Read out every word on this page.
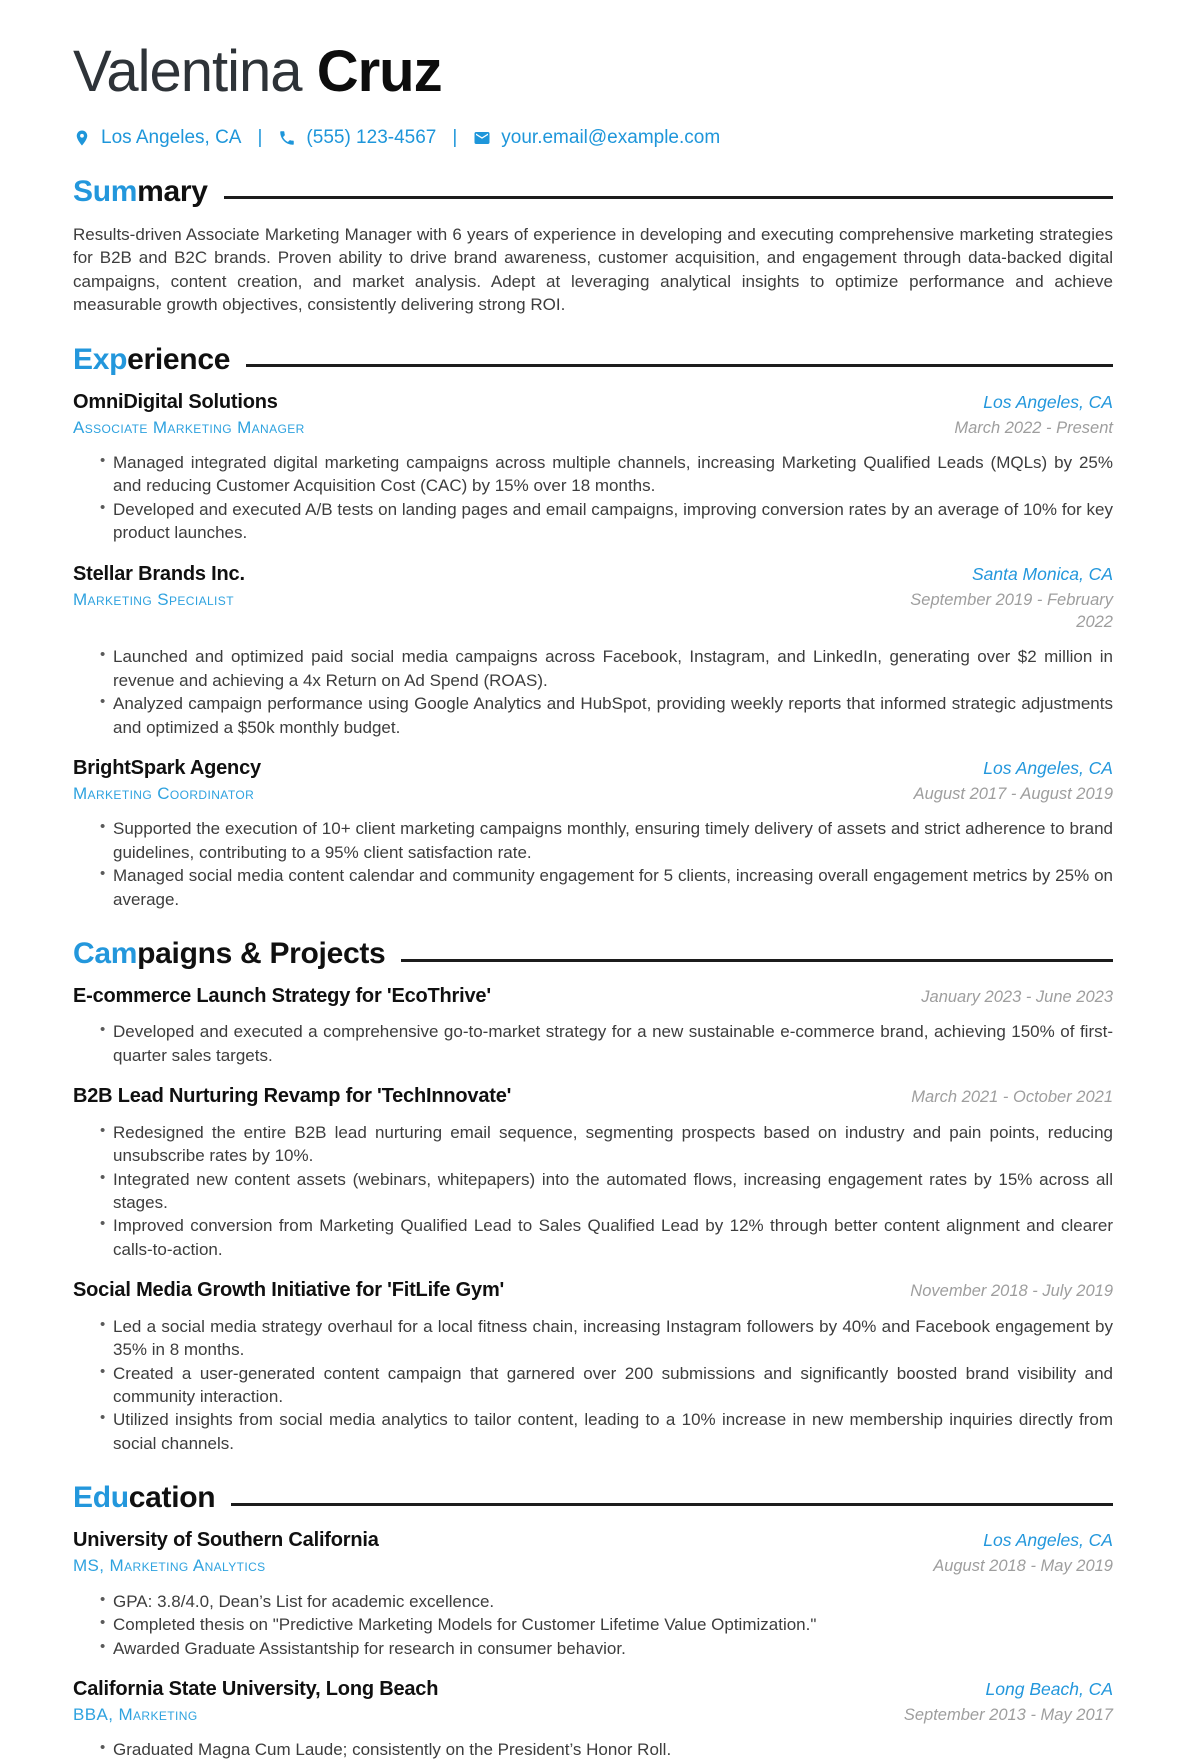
Valentina Cruz
Los Angeles, CA | (555) 123-4567 | your.email@example.com
Sum mary

Results-driven Associate Marketing Manager with 6 years of experience in developing and executing comprehensive marketing strategies for B2B and B2C brands. Proven ability to drive brand awareness, customer acquisition, and engagement through data-backed digital campaigns, content creation, and market analysis. Adept at leveraging analytical insights to optimize performance and achieve measurable growth objectives, consistently delivering strong ROI.

Exp erience
OmniDigital Solutions	Los Angeles, CA
Associate Marketing Manager	March 2022 - Present
• Managed integrated digital marketing campaigns across multiple channels, increasing Marketing Qualified Leads (MQLs) by 25% and reducing Customer Acquisition Cost (CAC) by 15% over 18 months.
• Developed and executed A/B tests on landing pages and email campaigns, improving conversion rates by an average of 10% for key product launches.
Stellar Brands Inc.	Santa Monica, CA
Marketing Specialist	September 2019 - February 2022
• Launched and optimized paid social media campaigns across Facebook, Instagram, and LinkedIn, generating over $2 million in revenue and achieving a 4x Return on Ad Spend (ROAS).
• Analyzed campaign performance using Google Analytics and HubSpot, providing weekly reports that informed strategic adjustments and optimized a $50k monthly budget.
BrightSpark Agency	Los Angeles, CA
Marketing Coordinator	August 2017 - August 2019
• Supported the execution of 10+ client marketing campaigns monthly, ensuring timely delivery of assets and strict adherence to brand guidelines, contributing to a 95% client satisfaction rate.
• Managed social media content calendar and community engagement for 5 clients, increasing overall engagement metrics by 25% on average.
Cam paigns & Projects
E-commerce Launch Strategy for 'EcoThrive'	January 2023 - June 2023
• Developed and executed a comprehensive go-to-market strategy for a new sustainable e-commerce brand, achieving 150% of first-quarter sales targets.
B2B Lead Nurturing Revamp for 'TechInnovate'	March 2021 - October 2021
• Redesigned the entire B2B lead nurturing email sequence, segmenting prospects based on industry and pain points, reducing unsubscribe rates by 10%.
• Integrated new content assets (webinars, whitepapers) into the automated flows, increasing engagement rates by 15% across all stages.
• Improved conversion from Marketing Qualified Lead to Sales Qualified Lead by 12% through better content alignment and clearer calls-to-action.
Social Media Growth Initiative for 'FitLife Gym'	November 2018 - July 2019
• Led a social media strategy overhaul for a local fitness chain, increasing Instagram followers by 40% and Facebook engagement by 35% in 8 months.
• Created a user-generated content campaign that garnered over 200 submissions and significantly boosted brand visibility and community interaction.
• Utilized insights from social media analytics to tailor content, leading to a 10% increase in new membership inquiries directly from social channels.
Edu cation
University of Southern California	Los Angeles, CA
MS, Marketing Analytics	August 2018 - May 2019
• GPA: 3.8/4.0, Dean’s List for academic excellence.
• Completed thesis on "Predictive Marketing Models for Customer Lifetime Value Optimization."
• Awarded Graduate Assistantship for research in consumer behavior.
California State University, Long Beach	Long Beach, CA
BBA, Marketing	September 2013 - May 2017
• Graduated Magna Cum Laude; consistently on the President’s Honor Roll.
